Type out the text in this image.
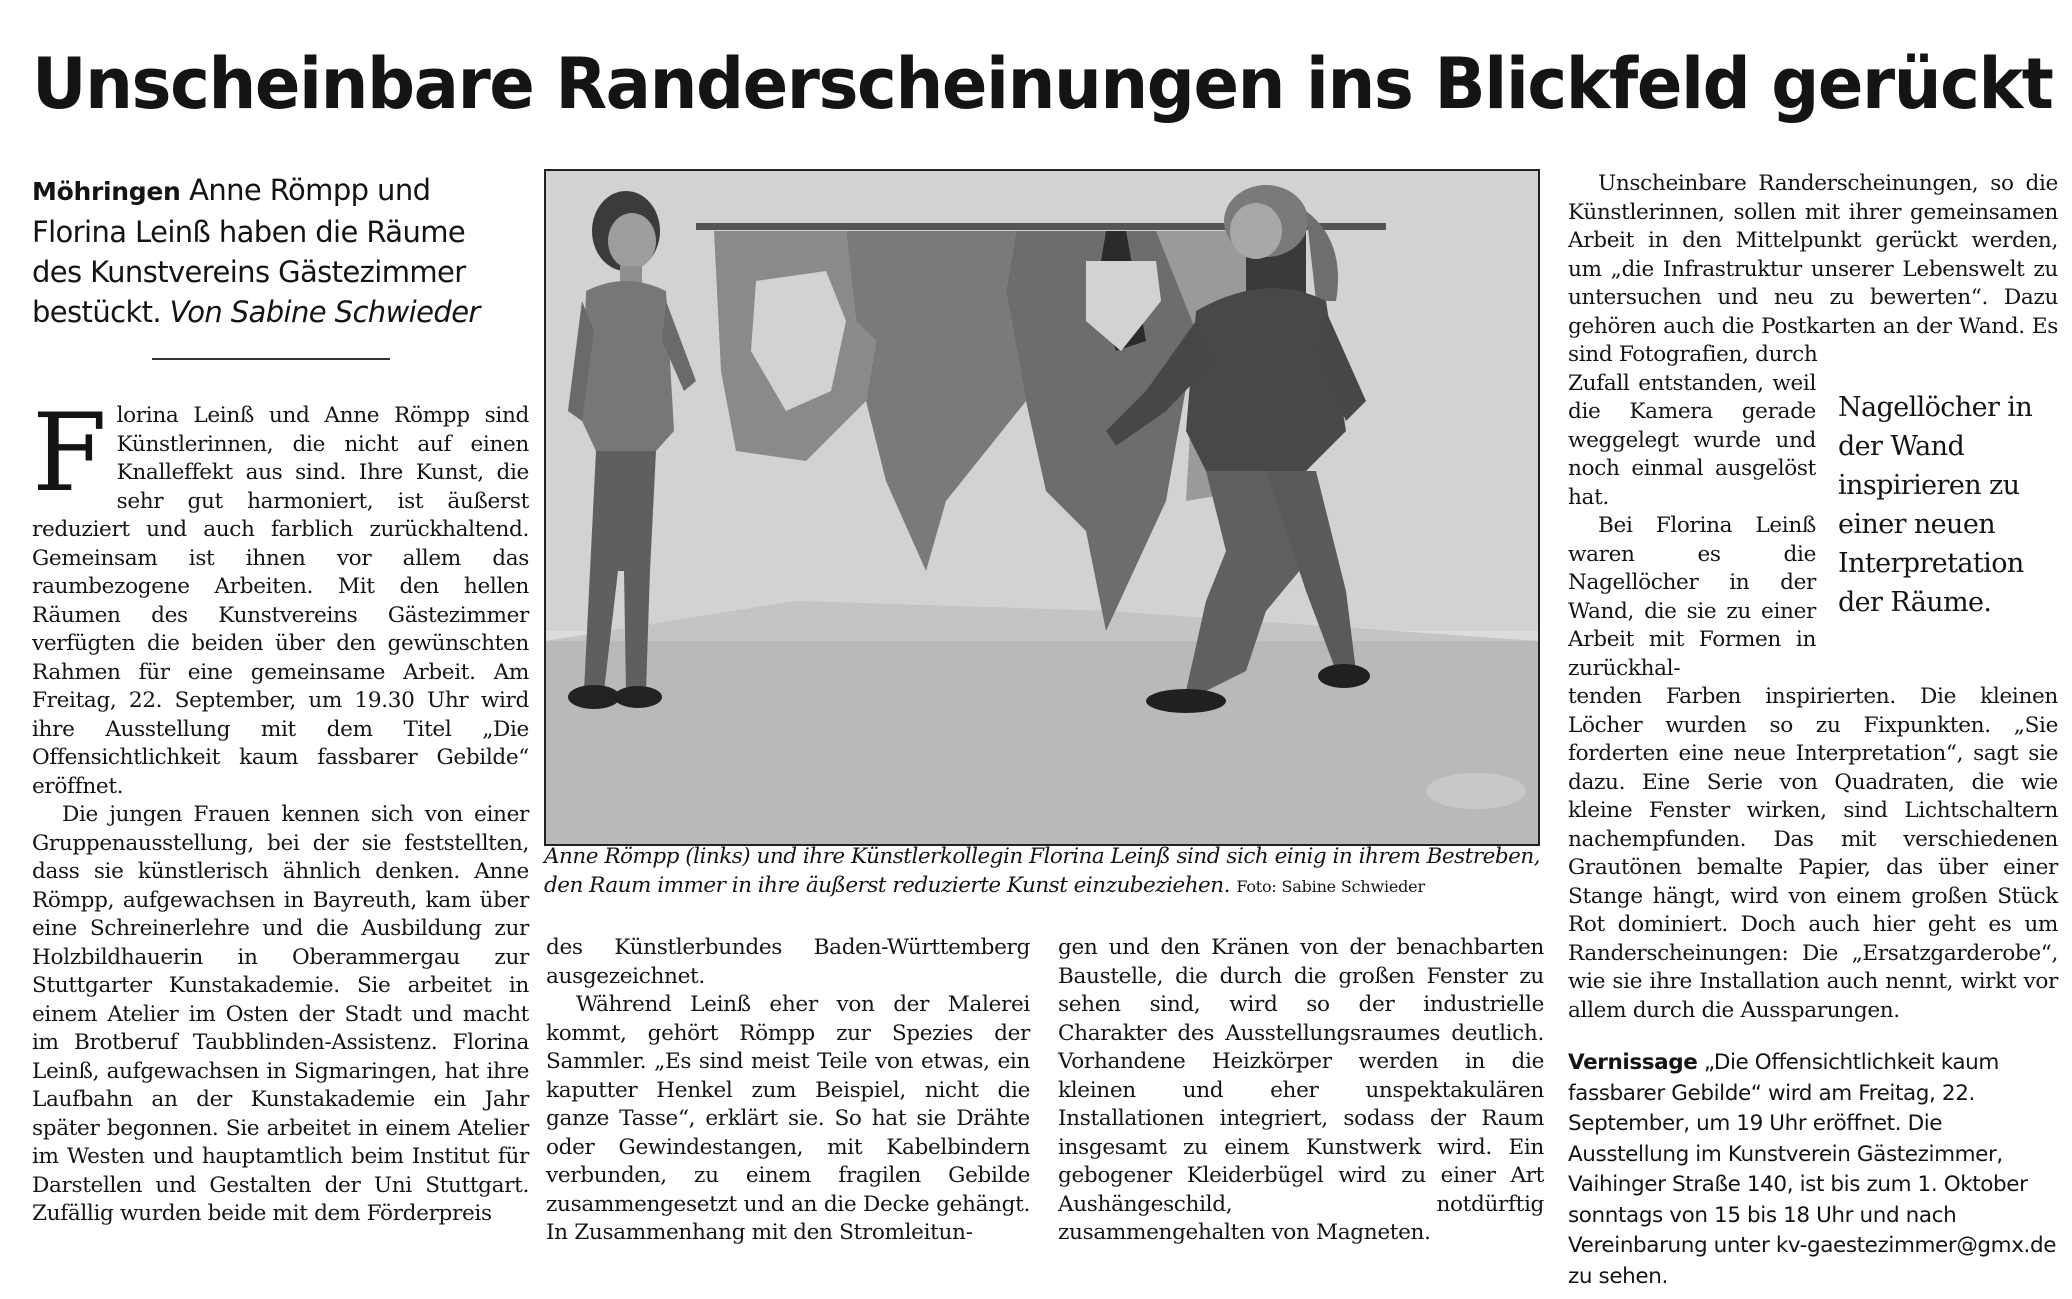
Unscheinbare Randerscheinungen ins Blickfeld gerückt
Möhringen Anne Römpp und Florina Leinß haben die Räume des Kunstvereins Gästezimmer bestückt. Von Sabine Schwieder

Florina Leinß und Anne Römpp sind Künstlerinnen, die nicht auf einen Knalleffekt aus sind. Ihre Kunst, die sehr gut harmoniert, ist äußerst reduziert und auch farblich zurückhaltend. Gemeinsam ist ihnen vor allem das raumbezogene Arbeiten. Mit den hellen Räumen des Kunstvereins Gästezimmer verfügten die beiden über den gewünschten Rahmen für eine gemeinsame Arbeit. Am Freitag, 22. September, um 19.30 Uhr wird ihre Ausstellung mit dem Titel „Die Offensichtlichkeit kaum fassbarer Gebilde“ eröffnet.

Die jungen Frauen kennen sich von einer Gruppenausstellung, bei der sie feststellten, dass sie künstlerisch ähnlich denken. Anne Römpp, aufgewachsen in Bayreuth, kam über eine Schreinerlehre und die Ausbildung zur Holzbildhauerin in Oberammergau zur Stuttgarter Kunstakademie. Sie arbeitet in einem Atelier im Osten der Stadt und macht im Brotberuf Taubblinden-Assistenz. Florina Leinß, aufgewachsen in Sigmaringen, hat ihre Laufbahn an der Kunstakademie ein Jahr später begonnen. Sie arbeitet in einem Atelier im Westen und hauptamtlich beim Institut für Darstellen und Gestalten der Uni Stuttgart. Zufällig wurden beide mit dem Förderpreis

Anne Römpp (links) und ihre Künstlerkollegin Florina Leinß sind sich einig in ihrem Bestreben, den Raum immer in ihre äußerst reduzierte Kunst einzubeziehen. Foto: Sabine Schwieder

des Künstlerbundes Baden-Württemberg ausgezeichnet.

Während Leinß eher von der Malerei kommt, gehört Römpp zur Spezies der Sammler. „Es sind meist Teile von etwas, ein kaputter Henkel zum Beispiel, nicht die ganze Tasse“, erklärt sie. So hat sie Drähte oder Gewindestangen, mit Kabelbindern verbunden, zu einem fragilen Gebilde zusammengesetzt und an die Decke gehängt. In Zusammenhang mit den Stromleitun-

gen und den Kränen von der benachbarten Baustelle, die durch die großen Fenster zu sehen sind, wird so der industrielle Charakter des Ausstellungsraumes deutlich. Vorhandene Heizkörper werden in die kleinen und eher unspektakulären Installationen integriert, sodass der Raum insgesamt zu einem Kunstwerk wird. Ein gebogener Kleiderbügel wird zu einer Art Aushängeschild, notdürftig zusammengehalten von Magneten.

Unscheinbare Randerscheinungen, so die Künstlerinnen, sollen mit ihrer gemeinsamen Arbeit in den Mittelpunkt gerückt werden, um „die Infrastruktur unserer Lebenswelt zu untersuchen und neu zu bewerten“. Dazu gehören auch die Postkarten an der Wand. Es sind Fotografien, durch

Zufall entstanden, weil die Kamera gerade weggelegt wurde und noch einmal ausgelöst hat.

Bei Florina Leinß waren es die Nagellöcher in der Wand, die sie zu einer Arbeit mit Formen in zurückhal-

tenden Farben inspirierten. Die kleinen Löcher wurden so zu Fixpunkten. „Sie forderten eine neue Interpretation“, sagt sie dazu. Eine Serie von Quadraten, die wie kleine Fenster wirken, sind Lichtschaltern nachempfunden. Das mit verschiedenen Grautönen bemalte Papier, das über einer Stange hängt, wird von einem großen Stück Rot dominiert. Doch auch hier geht es um Randerscheinungen: Die „Ersatzgarderobe“, wie sie ihre Installation auch nennt, wirkt vor allem durch die Aussparungen.

Nagellöcher in der Wand inspirieren zu einer neuen Interpretation der Räume.
Vernissage „Die Offensichtlichkeit kaum fassbarer Gebilde“ wird am Freitag, 22. September, um 19 Uhr eröffnet. Die Ausstellung im Kunstverein Gästezimmer, Vaihinger Straße 140, ist bis zum 1. Oktober sonntags von 15 bis 18 Uhr und nach Vereinbarung unter kv-gaestezimmer@gmx.de zu sehen.
